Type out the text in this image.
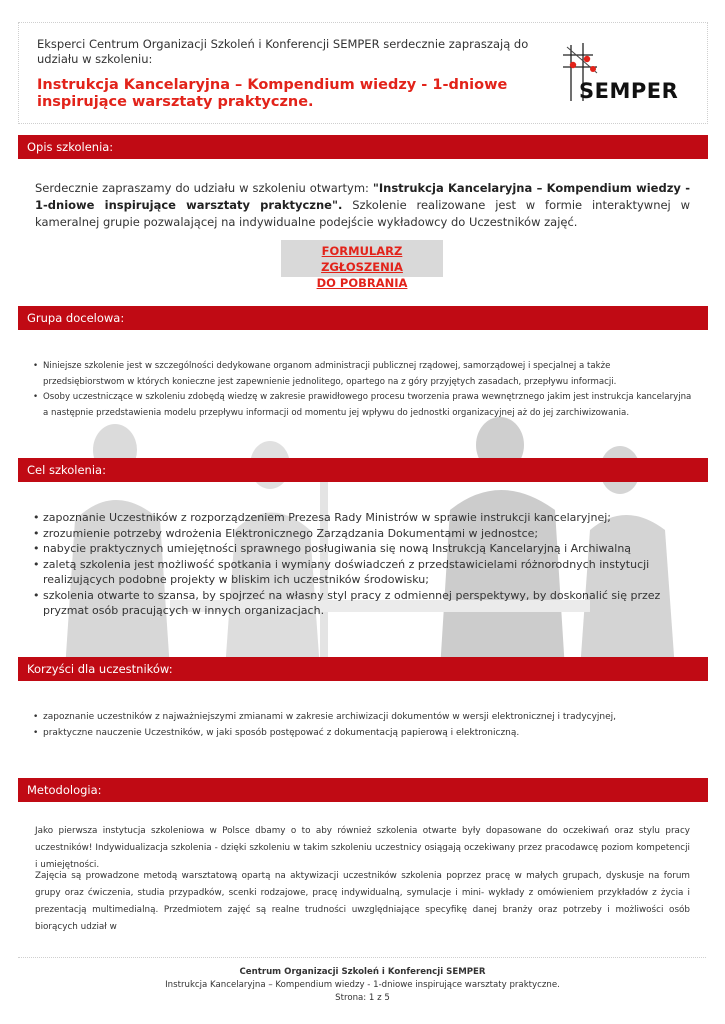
Eksperci Centrum Organizacji Szkoleń i Konferencji SEMPER serdecznie zapraszają do udziału w szkoleniu:
Instrukcja Kancelaryjna – Kompendium wiedzy - 1-dniowe inspirujące warsztaty praktyczne.	SEMPER
Opis szkolenia:
Serdecznie zapraszamy do udziału w szkoleniu otwartym: "Instrukcja Kancelaryjna – Kompendium wiedzy - 1-dniowe inspirujące warsztaty praktyczne". Szkolenie realizowane jest w formie interaktywnej w kameralnej grupie pozwalającej na indywidualne podejście wykładowcy do Uczestników zajęć.
FORMULARZ ZGŁOSZENIA
DO POBRANIA
Grupa docelowa:
• Niniejsze szkolenie jest w szczególności dedykowane organom administracji publicznej rządowej, samorządowej i specjalnej a także przedsiębiorstwom w których konieczne jest zapewnienie jednolitego, opartego na z góry przyjętych zasadach, przepływu informacji.
• Osoby uczestniczące w szkoleniu zdobędą wiedzę w zakresie prawidłowego procesu tworzenia prawa wewnętrznego jakim jest instrukcja kancelaryjna a następnie przedstawienia modelu przepływu informacji od momentu jej wpływu do jednostki organizacyjnej aż do jej zarchiwizowania.
Cel szkolenia:
• zapoznanie Uczestników z rozporządzeniem Prezesa Rady Ministrów w sprawie instrukcji kancelaryjnej;
• zrozumienie potrzeby wdrożenia Elektronicznego Zarządzania Dokumentami w jednostce;
• nabycie praktycznych umiejętności sprawnego posługiwania się nową Instrukcją Kancelaryjną i Archiwalną
• zaletą szkolenia jest możliwość spotkania i wymiany doświadczeń z przedstawicielami różnorodnych instytucji realizujących podobne projekty w bliskim ich uczestników środowisku;
• szkolenia otwarte to szansa, by spojrzeć na własny styl pracy z odmiennej perspektywy, by doskonalić się przez pryzmat osób pracujących w innych organizacjach.
Korzyści dla uczestników:
• zapoznanie uczestników z najważniejszymi zmianami w zakresie archiwizacji dokumentów w wersji elektronicznej i tradycyjnej,
• praktyczne nauczenie Uczestników, w jaki sposób postępować z dokumentacją papierową i elektroniczną.
Metodologia:
Jako pierwsza instytucja szkoleniowa w Polsce dbamy o to aby również szkolenia otwarte były dopasowane do oczekiwań oraz stylu pracy uczestników! Indywidualizacja szkolenia - dzięki szkoleniu w takim szkoleniu uczestnicy osiągają oczekiwany przez pracodawcę poziom kompetencji i umiejętności.
Zajęcia są prowadzone metodą warsztatową opartą na aktywizacji uczestników szkolenia poprzez pracę w małych grupach, dyskusje na forum grupy oraz ćwiczenia, studia przypadków, scenki rodzajowe, pracę indywidualną, symulacje i mini- wykłady z omówieniem przykładów z życia i prezentacją multimedialną. Przedmiotem zajęć są realne trudności uwzględniające specyfikę danej branży oraz potrzeby i możliwości osób biorących udział w
Centrum Organizacji Szkoleń i Konferencji SEMPER
Instrukcja Kancelaryjna – Kompendium wiedzy - 1-dniowe inspirujące warsztaty praktyczne.
Strona: 1 z 5
